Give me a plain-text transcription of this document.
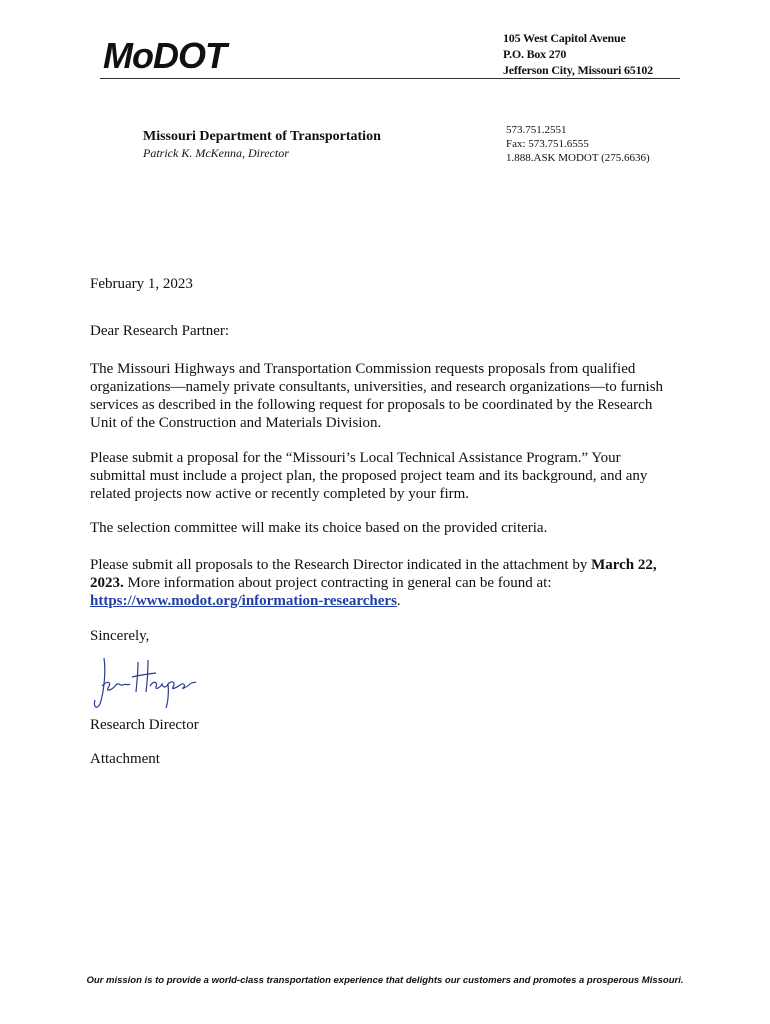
MoDOT	105 West Capitol Avenue
P.O. Box 270
Jefferson City, Missouri 65102
Missouri Department of Transportation
Patrick K. McKenna, Director
573.751.2551
Fax: 573.751.6555
1.888.ASK MODOT (275.6636)
February 1, 2023
Dear Research Partner:
The Missouri Highways and Transportation Commission requests proposals from qualified organizations—namely private consultants, universities, and research organizations—to furnish services as described in the following request for proposals to be coordinated by the Research Unit of the Construction and Materials Division.
Please submit a proposal for the “Missouri’s Local Technical Assistance Program.” Your submittal must include a project plan, the proposed project team and its background, and any related projects now active or recently completed by your firm.
The selection committee will make its choice based on the provided criteria.
Please submit all proposals to the Research Director indicated in the attachment by March 22, 2023. More information about project contracting in general can be found at: https://www.modot.org/information-researchers.
Sincerely,
Research Director
Attachment
Our mission is to provide a world-class transportation experience that delights our customers and promotes a prosperous Missouri.
